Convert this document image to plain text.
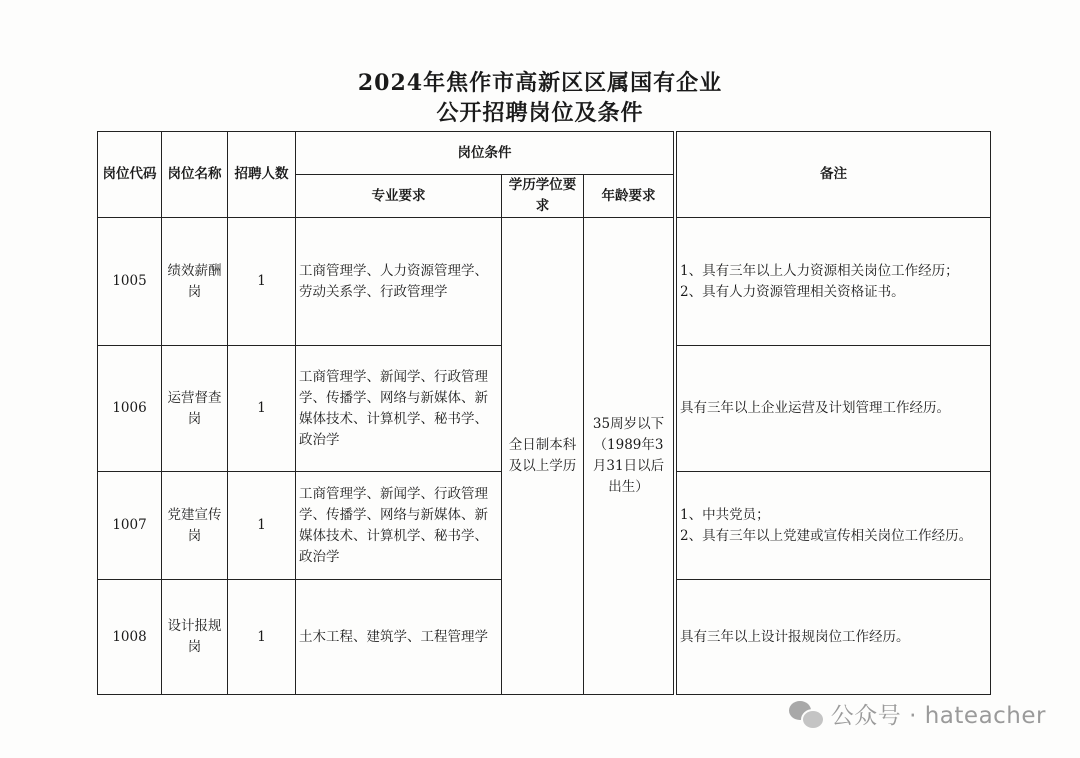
2024年焦作市高新区区属国有企业
公开招聘岗位及条件
岗位代码	岗位名称	招聘人数	岗位条件				备注
			专业要求	学历学位要求	年龄要求		
1005	绩效薪酬岗	1	工商管理学、人力资源管理学、劳动关系学、行政管理学	全日制本科及以上学历	35周岁以下（1989年3月31日以后出生）		1、具有三年以上人力资源相关岗位工作经历；
2、具有人力资源管理相关资格证书。

1006	运营督查岗	1	工商管理学、新闻学、行政管理学、传播学、网络与新媒体、新媒体技术、计算机学、秘书学、政治学				具有三年以上企业运营及计划管理工作经历。

1007	党建宣传岗	1	工商管理学、新闻学、行政管理学、传播学、网络与新媒体、新媒体技术、计算机学、秘书学、政治学				1、中共党员；
2、具有三年以上党建或宣传相关岗位工作经历。

1008	设计报规岗	1	土木工程、建筑学、工程管理学				具有三年以上设计报规岗位工作经历。
公众号 · hateacher
